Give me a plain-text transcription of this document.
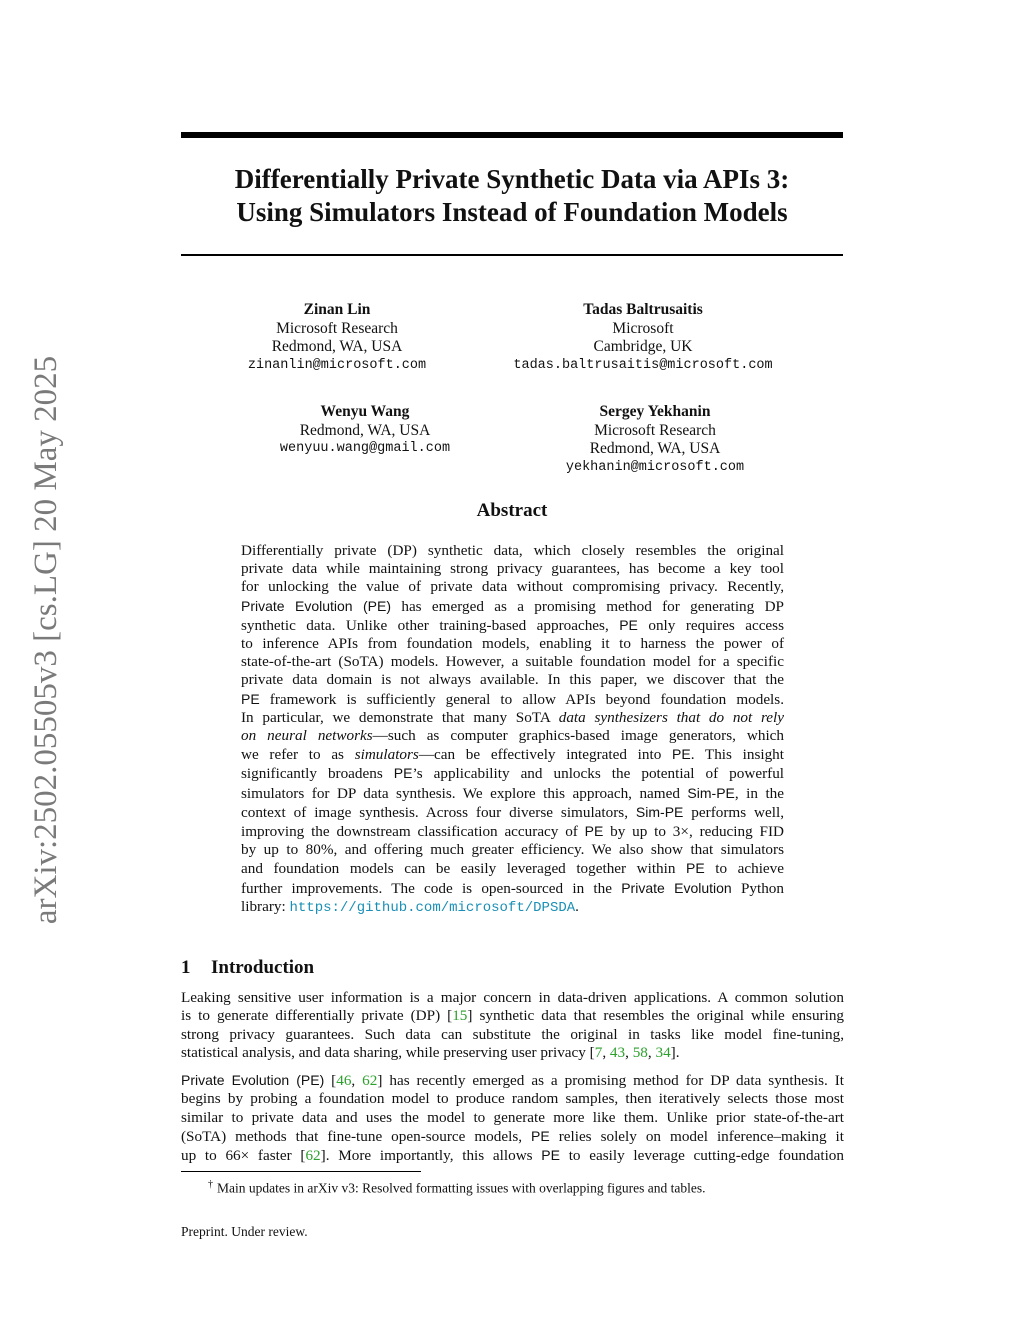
arXiv:2502.05505v3 [cs.LG] 20 May 2025
Differentially Private Synthetic Data via APIs 3:
Using Simulators Instead of Foundation Models
Zinan Lin
Microsoft Research
Redmond, WA, USA
zinanlin@microsoft.com
Tadas Baltrusaitis
Microsoft
Cambridge, UK
tadas.baltrusaitis@microsoft.com
Wenyu Wang
Redmond, WA, USA
wenyuu.wang@gmail.com
Sergey Yekhanin
Microsoft Research
Redmond, WA, USA
yekhanin@microsoft.com
Abstract
Differentially private (DP) synthetic data, which closely resembles the original
private data while maintaining strong privacy guarantees, has become a key tool
for unlocking the value of private data without compromising privacy. Recently,
Private Evolution (PE) has emerged as a promising method for generating DP
synthetic data. Unlike other training-based approaches, PE only requires access
to inference APIs from foundation models, enabling it to harness the power of
state-of-the-art (SoTA) models. However, a suitable foundation model for a specific
private data domain is not always available. In this paper, we discover that the
PE framework is sufficiently general to allow APIs beyond foundation models.
In particular, we demonstrate that many SoTA data synthesizers that do not rely
on neural networks—such as computer graphics-based image generators, which
we refer to as simulators—can be effectively integrated into PE. This insight
significantly broadens PE’s applicability and unlocks the potential of powerful
simulators for DP data synthesis. We explore this approach, named Sim-PE, in the
context of image synthesis. Across four diverse simulators, Sim-PE performs well,
improving the downstream classification accuracy of PE by up to 3×, reducing FID
by up to 80%, and offering much greater efficiency. We also show that simulators
and foundation models can be easily leveraged together within PE to achieve
further improvements. The code is open-sourced in the Private Evolution Python
library: https://github.com/microsoft/DPSDA.
1 Introduction
Leaking sensitive user information is a major concern in data-driven applications. A common solution
is to generate differentially private (DP) [15] synthetic data that resembles the original while ensuring
strong privacy guarantees. Such data can substitute the original in tasks like model fine-tuning,
statistical analysis, and data sharing, while preserving user privacy [7, 43, 58, 34].
Private Evolution (PE) [46, 62] has recently emerged as a promising method for DP data synthesis. It
begins by probing a foundation model to produce random samples, then iteratively selects those most
similar to private data and uses the model to generate more like them. Unlike prior state-of-the-art
(SoTA) methods that fine-tune open-source models, PE relies solely on model inference–making it
up to 66× faster [62]. More importantly, this allows PE to easily leverage cutting-edge foundation

† Main updates in arXiv v3: Resolved formatting issues with overlapping figures and tables.

Preprint. Under review.
